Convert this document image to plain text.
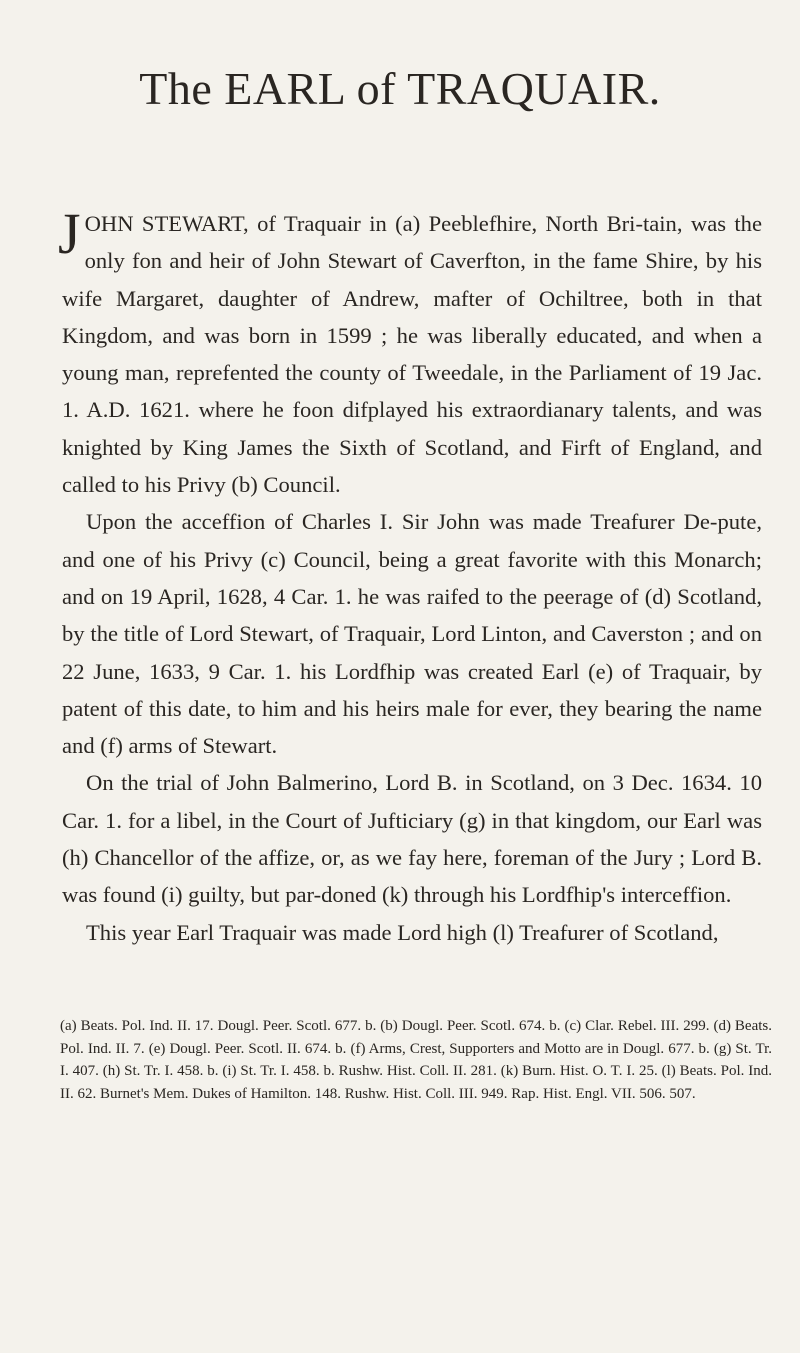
The EARL of TRAQUAIR.

JOHN STEWART, of Traquair in (a) Peeblefhire, North Bri-tain, was the only fon and heir of John Stewart of Caverfton, in the fame Shire, by his wife Margaret, daughter of Andrew, mafter of Ochiltree, both in that Kingdom, and was born in 1599 ; he was liberally educated, and when a young man, reprefented the county of Tweedale, in the Parliament of 19 Jac. 1. A.D. 1621. where he foon difplayed his extraordianary talents, and was knighted by King James the Sixth of Scotland, and Firft of England, and called to his Privy (b) Council.

Upon the acceffion of Charles I. Sir John was made Treafurer De-pute, and one of his Privy (c) Council, being a great favorite with this Monarch; and on 19 April, 1628, 4 Car. 1. he was raifed to the peerage of (d) Scotland, by the title of Lord Stewart, of Traquair, Lord Linton, and Caverston ; and on 22 June, 1633, 9 Car. 1. his Lordfhip was created Earl (e) of Traquair, by patent of this date, to him and his heirs male for ever, they bearing the name and (f) arms of Stewart.

On the trial of John Balmerino, Lord B. in Scotland, on 3 Dec. 1634. 10 Car. 1. for a libel, in the Court of Jufticiary (g) in that kingdom, our Earl was (h) Chancellor of the affize, or, as we fay here, foreman of the Jury ; Lord B. was found (i) guilty, but par-doned (k) through his Lordfhip's interceffion.

This year Earl Traquair was made Lord high (l) Treafurer of Scotland,

(a) Beats. Pol. Ind. II. 17. Dougl. Peer. Scotl. 677. b. (b) Dougl. Peer. Scotl. 674. b. (c) Clar. Rebel. III. 299. (d) Beats. Pol. Ind. II. 7. (e) Dougl. Peer. Scotl. II. 674. b. (f) Arms, Crest, Supporters and Motto are in Dougl. 677. b. (g) St. Tr. I. 407. (h) St. Tr. I. 458. b. (i) St. Tr. I. 458. b. Rushw. Hist. Coll. II. 281. (k) Burn. Hist. O. T. I. 25. (l) Beats. Pol. Ind. II. 62. Burnet's Mem. Dukes of Hamilton. 148. Rushw. Hist. Coll. III. 949. Rap. Hist. Engl. VII. 506. 507.
